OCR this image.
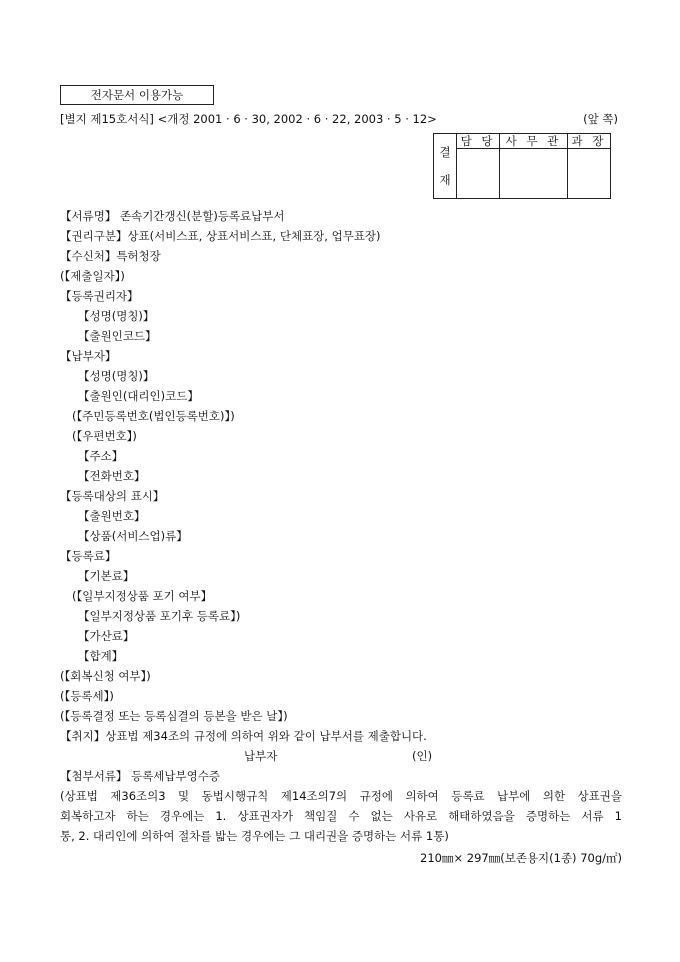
전자문서 이용가능
[별지 제15호서식] <개정 2001 · 6 · 30, 2002 · 6 · 22, 2003 · 5 · 12>	(앞 쪽)
결
재	담 당	사 무 관	과 장

【서류명】 존속기간갱신(분할)등록료납부서
【권리구분】상표(서비스표, 상표서비스표, 단체표장, 업무표장)
【수신처】특허청장
(【제출일자】)
【등록권리자】
【성명(명칭)】
【출원인코드】
【납부자】
【성명(명칭)】
【출원인(대리인)코드】
(【주민등록번호(법인등록번호)】)
(【우편번호】)
【주소】
【전화번호】
【등록대상의 표시】
【출원번호】
【상품(서비스업)류】
【등록료】
【기본료】
(【일부지정상품 포기 여부】
【일부지정상품 포기후 등록료】)
【가산료】
【합계】
(【회복신청 여부】)
(【등록세】)
(【등록결정 또는 등록심결의 등본을 받은 날】)
【취지】상표법 제34조의 규정에 의하여 위와 같이 납부서를 제출합니다.
납부자	(인)
【첨부서류】 등록세납부영수증
(상표법 제36조의3 및 동법시행규칙 제14조의7의 규정에 의하여 등록료 납부에 의한 상표권을
회복하고자 하는 경우에는 1. 상표권자가 책임질 수 없는 사유로 해태하였음을 증명하는 서류 1
통, 2. 대리인에 의하여 절차를 밟는 경우에는 그 대리권을 증명하는 서류 1통)
210㎜× 297㎜(보존용지(1종) 70g/㎡)
